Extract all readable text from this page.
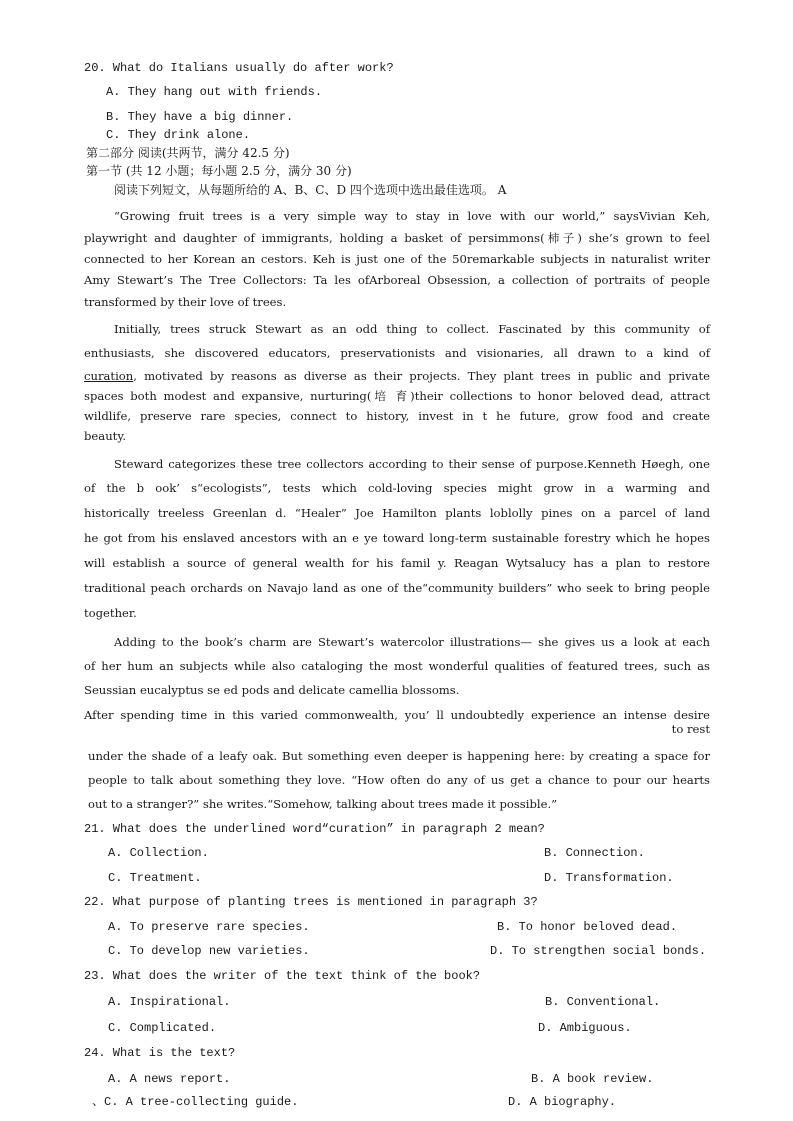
20. What do Italians usually do after work?
A. They hang out with friends.
B. They have a big dinner.
C. They drink alone.
第二部分 阅读(共两节，满分 42.5 分)
第一节 (共 12 小题；每小题 2.5 分，满分 30 分)
阅读下列短文，从每题所给的 A、B、C、D 四个选项中选出最佳选项。 A
“Growing fruit trees is a very simple way to stay in love with our world,” saysVivian Keh,
playwright and daughter of immigrants, holding a basket of persimmons(柿子) she’s grown to feel
connected to her Korean an cestors. Keh is just one of the 50remarkable subjects in naturalist writer
Amy Stewart’s The Tree Collectors: Ta les ofArboreal Obsession, a collection of portraits of people
transformed by their love of trees.
Initially, trees struck Stewart as an odd thing to collect. Fascinated by this community of
enthusiasts, she discovered educators, preservationists and visionaries, all drawn to a kind of
curation, motivated by reasons as diverse as their projects. They plant trees in public and private
spaces both modest and expansive, nurturing(培 育)their collections to honor beloved dead, attract
wildlife, preserve rare species, connect to history, invest in t he future, grow food and create
beauty.
Steward categorizes these tree collectors according to their sense of purpose.Kenneth Høegh, one
of the b ook’ s“ecologists”, tests which cold-loving species might grow in a warming and
historically treeless Greenlan d. “Healer” Joe Hamilton plants loblolly pines on a parcel of land
he got from his enslaved ancestors with an e ye toward long-term sustainable forestry which he hopes
will establish a source of general wealth for his famil y. Reagan Wytsalucy has a plan to restore
traditional peach orchards on Navajo land as one of the“community builders” who seek to bring people
together.
Adding to the book’s charm are Stewart’s watercolor illustrations— she gives us a look at each
of her hum an subjects while also cataloging the most wonderful qualities of featured trees, such as
Seussian eucalyptus se ed pods and delicate camellia blossoms.
After spending time in this varied commonwealth, you’ ll undoubtedly experience an intense desire
to rest
under the shade of a leafy oak. But something even deeper is happening here: by creating a space for
people to talk about something they love. “How often do any of us get a chance to pour our hearts
out to a stranger?” she writes.“Somehow, talking about trees made it possible.”
21. What does the underlined word“curation” in paragraph 2 mean?
A. Collection.	B. Connection.
C. Treatment.	D. Transformation.
22. What purpose of planting trees is mentioned in paragraph 3?
A. To preserve rare species.	B. To honor beloved dead.
C. To develop new varieties.	D. To strengthen social bonds.
23. What does the writer of the text think of the book?
A. Inspirational.	B. Conventional.
C. Complicated.	D. Ambiguous.
24. What is the text?
A. A news report.	B. A book review.
、C. A tree-collecting guide.	D. A biography.
